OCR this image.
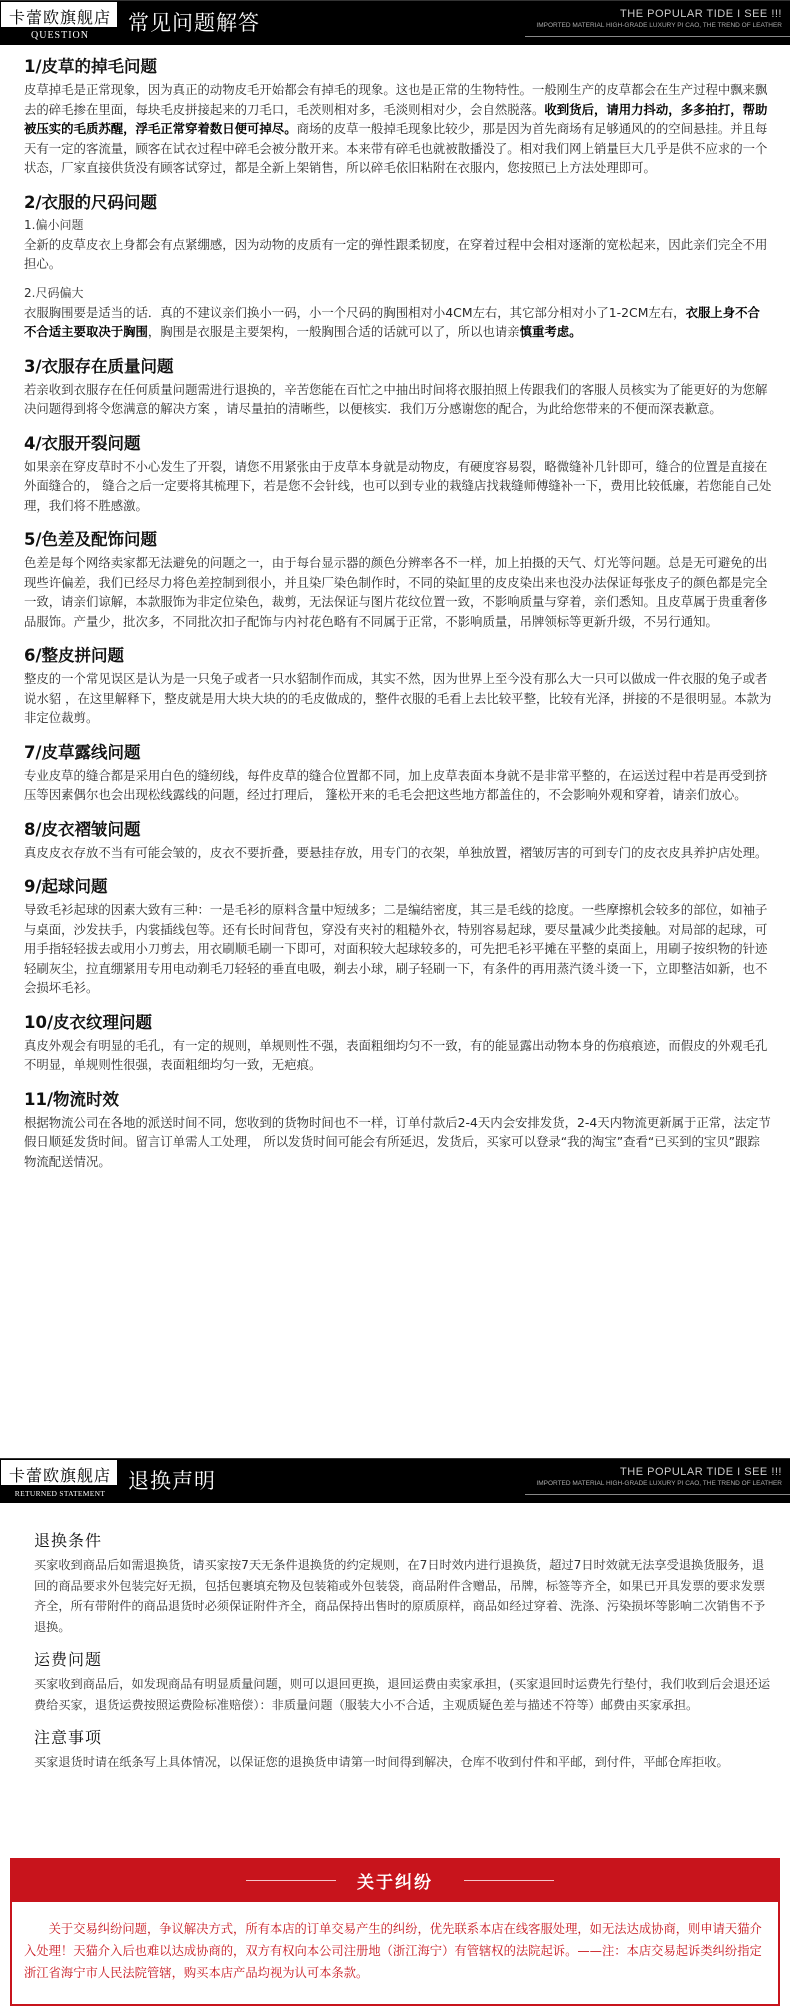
卡蕾欧旗舰店
QUESTION
常见问题解答	THE POPULAR TIDE I SEE !!!
IMPORTED MATERIAL HIGH-GRADE LUXURY PI CAO, THE TREND OF LEATHER
1/皮草的掉毛问题

皮草掉毛是正常现象，因为真正的动物皮毛开始都会有掉毛的现象。这也是正常的生物特性。一般刚生产的皮草都会在生产过程中飘来飘去的碎毛掺在里面，每块毛皮拼接起来的刀毛口，毛茨则相对多，毛淡则相对少，会自然脱落。收到货后，请用力抖动，多多拍打，帮助被压实的毛质苏醒，浮毛正常穿着数日便可掉尽。商场的皮草一般掉毛现象比较少，那是因为首先商场有足够通风的的空间悬挂。并且每天有一定的客流量，顾客在试衣过程中碎毛会被分散开来。本来带有碎毛也就被散播没了。相对我们网上销量巨大几乎是供不应求的一个状态，厂家直接供货没有顾客试穿过，都是全新上架销售，所以碎毛依旧粘附在衣服内，您按照已上方法处理即可。

2/衣服的尺码问题
1.偏小问题

全新的皮草皮衣上身都会有点紧绷感，因为动物的皮质有一定的弹性跟柔韧度，在穿着过程中会相对逐渐的宽松起来，因此亲们完全不用担心。

2.尺码偏大

衣服胸围要是适当的话．真的不建议亲们换小一码，小一个尺码的胸围相对小4CM左右，其它部分相对小了1-2CM左右，衣服上身不合不合适主要取决于胸围，胸围是衣服是主要架构，一般胸围合适的话就可以了，所以也请亲慎重考虑。

3/衣服存在质量问题

若亲收到衣服存在任何质量问题需进行退换的，辛苦您能在百忙之中抽出时间将衣服拍照上传跟我们的客服人员核实为了能更好的为您解决问题得到将令您满意的解决方案 ，请尽量拍的清晰些，以便核实．我们万分感谢您的配合，为此给您带来的不便而深表歉意。

4/衣服开裂问题

如果亲在穿皮草时不小心发生了开裂，请您不用紧张由于皮草本身就是动物皮，有硬度容易裂，略微缝补几针即可，缝合的位置是直接在外面缝合的， 缝合之后一定要将其梳理下，若是您不会针线，也可以到专业的栽缝店找栽缝师傅缝补一下，费用比较低廉，若您能自己处理，我们将不胜感激。

5/色差及配饰问题

色差是每个网络卖家都无法避免的问题之一，由于每台显示器的颜色分辨率各不一样，加上拍摄的天气、灯光等问题。总是无可避免的出现些许偏差，我们已经尽力将色差控制到很小，并且染厂染色制作时，不同的染缸里的皮皮染出来也没办法保证每张皮子的颜色都是完全一致，请亲们谅解，本款服饰为非定位染色，裁剪，无法保证与图片花纹位置一致，不影响质量与穿着，亲们悉知。且皮草属于贵重奢侈品服饰。产量少，批次多，不同批次扣子配饰与内衬花色略有不同属于正常，不影响质量，吊牌领标等更新升级，不另行通知。

6/整皮拼问题

整皮的一个常见误区是认为是一只兔子或者一只水貂制作而成，其实不然，因为世界上至今没有那么大一只可以做成一件衣服的兔子或者说水貂 ，在这里解释下，整皮就是用大块大块的的毛皮做成的，整件衣服的毛看上去比较平整，比较有光泽，拼接的不是很明显。本款为非定位裁剪。

7/皮草露线问题

专业皮草的缝合都是采用白色的缝纫线，每件皮草的缝合位置都不同，加上皮草表面本身就不是非常平整的，在运送过程中若是再受到挤压等因素偶尔也会出现松线露线的问题，经过打理后， 篷松开来的毛毛会把这些地方都盖住的，不会影响外观和穿着，请亲们放心。

8/皮衣褶皱问题

真皮皮衣存放不当有可能会皱的，皮衣不要折叠，要悬挂存放，用专门的衣架，单独放置，褶皱厉害的可到专门的皮衣皮具养护店处理。

9/起球问题

导致毛衫起球的因素大致有三种：一是毛衫的原料含量中短绒多；二是编结密度，其三是毛线的捻度。一些摩擦机会较多的部位，如袖子与桌面，沙发扶手，内裳插线包等。还有长时间背包，穿没有夹衬的粗糙外衣，特别容易起球，要尽量减少此类接触。对局部的起球，可用手指轻轻拔去或用小刀剪去，用衣刷顺毛刷一下即可，对面积较大起球较多的，可先把毛衫平摊在平整的桌面上，用刷子按织物的针迹轻刷灰尘，拉直绷紧用专用电动剃毛刀轻轻的垂直电吸，剃去小球，刷子轻刷一下，有条件的再用蒸汽烫斗烫一下，立即整洁如新，也不会损坏毛衫。

10/皮衣纹理问题

真皮外观会有明显的毛孔，有一定的规则，单规则性不强，表面粗细均匀不一致，有的能显露出动物本身的伤痕痕迹，而假皮的外观毛孔不明显，单规则性很强，表面粗细均匀一致，无疤痕。

11/物流时效

根据物流公司在各地的派送时间不同，您收到的货物时间也不一样，订单付款后2-4天内会安排发货，2-4天内物流更新属于正常，法定节假日顺延发货时间。留言订单需人工处理， 所以发货时间可能会有所延迟，发货后，买家可以登录“我的淘宝”查看“已买到的宝贝”跟踪物流配送情况。

卡蕾欧旗舰店
RETURNED STATEMENT
退换声明	THE POPULAR TIDE I SEE !!!
IMPORTED MATERIAL HIGH-GRADE LUXURY PI CAO, THE TREND OF LEATHER
退换条件

买家收到商品后如需退换货，请买家按7天无条件退换货的约定规则，在7日时效内进行退换货，超过7日时效就无法享受退换货服务，退回的商品要求外包装完好无损，包括包裹填充物及包装箱或外包装袋，商品附件含赠品，吊牌，标签等齐全，如果已开具发票的要求发票齐全，所有带附件的商品退货时必须保证附件齐全，商品保持出售时的原质原样，商品如经过穿着、洗涤、污染损坏等影响二次销售不予退换。

运费问题

买家收到商品后，如发现商品有明显质量问题，则可以退回更换，退回运费由卖家承担，(买家退回时运费先行垫付，我们收到后会退还运费给买家，退货运费按照运费险标准赔偿）：非质量问题（服装大小不合适，主观质疑色差与描述不符等）邮费由买家承担。

注意事项

买家退货时请在纸条写上具体情况，以保证您的退换货申请第一时间得到解决，仓库不收到付件和平邮，到付件，平邮仓库拒收。

关于纠纷

关于交易纠纷问题，争议解决方式，所有本店的订单交易产生的纠纷，优先联系本店在线客服处理，如无法达成协商，则申请天猫介入处理！天猫介入后也难以达成协商的，双方有权向本公司注册地（浙江海宁）有管辖权的法院起诉。——注：本店交易起诉类纠纷指定浙江省海宁市人民法院管辖，购买本店产品均视为认可本条款。
